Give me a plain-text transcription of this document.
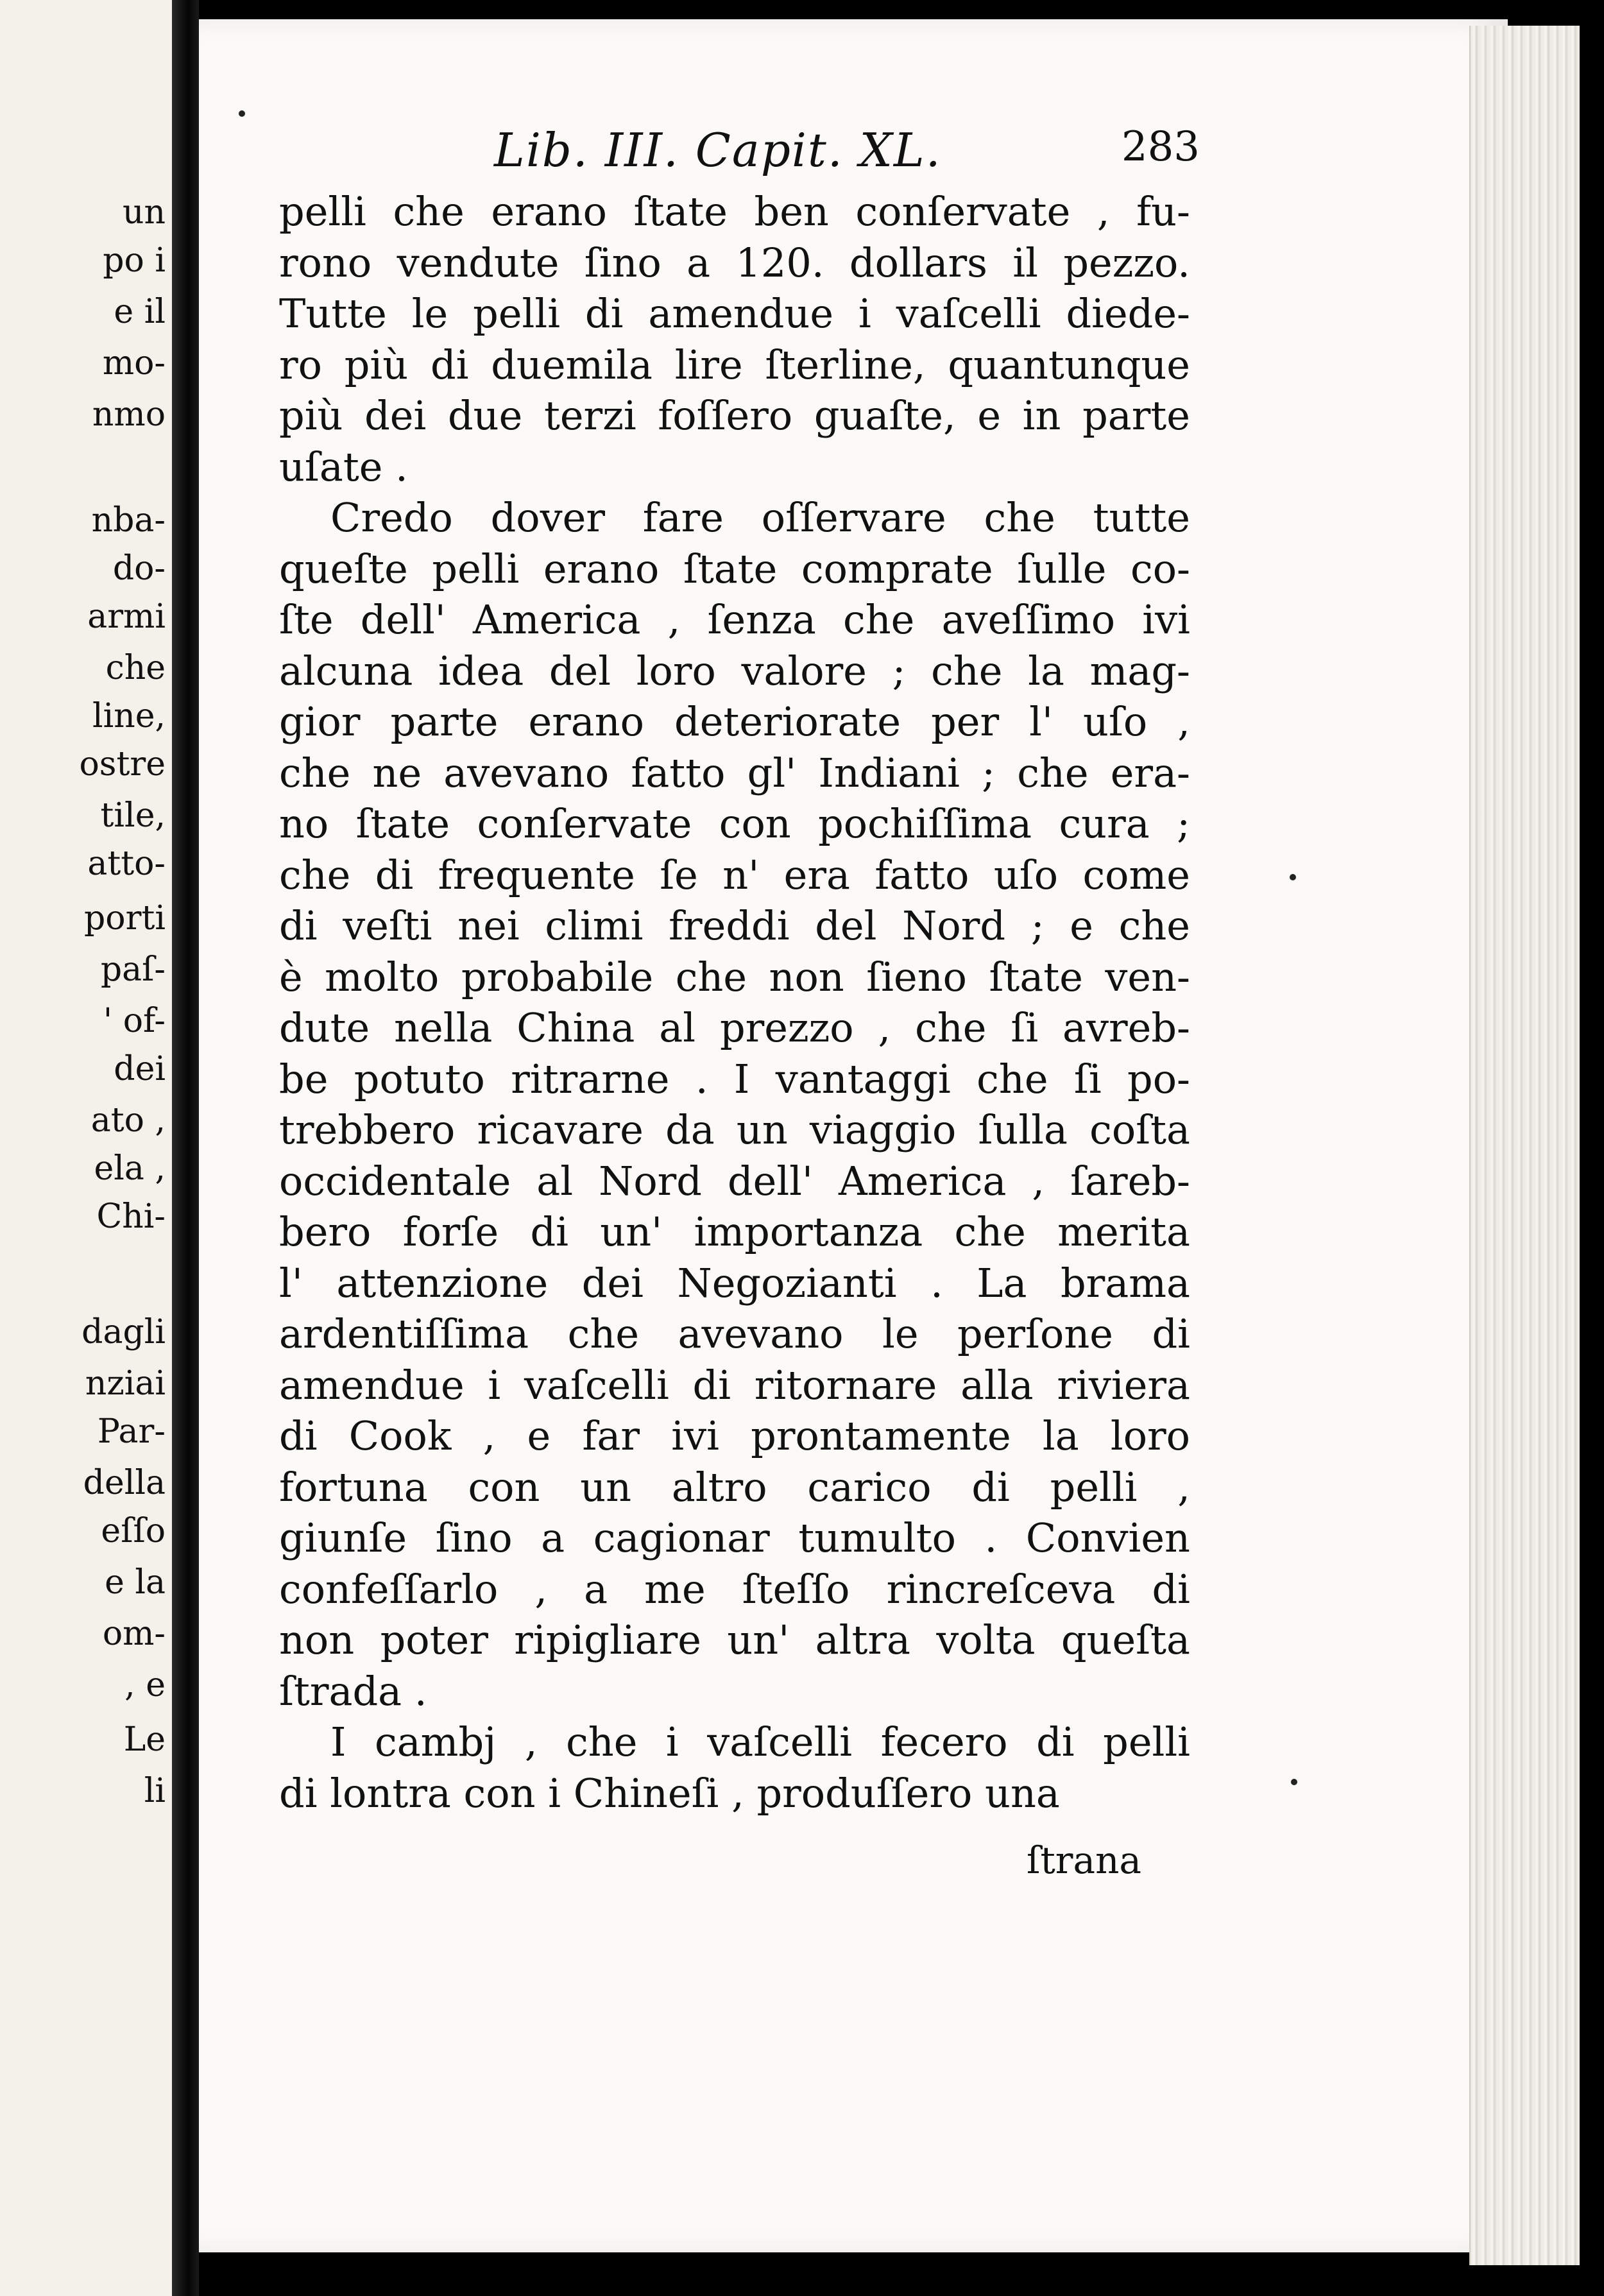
un
po i
e il
mo-
nmo
nba-
do-
armi
che
line,
ostre
tile,
atto-
porti
paſ-
' of-
dei
ato ,
ela ,
Chi-
dagli
nziai
Par-
della
eſſo
e la
om-
, e
Le
li
Lib. III. Capit. XL.	283
pelli che erano ſtate ben conſervate , fu-
rono vendute ſino a 120. dollars il pezzo.
Tutte le pelli di amendue i vaſcelli diede-
ro più di duemila lire ſterline, quantunque
più dei due terzi foſſero guaſte, e in parte
uſate .
Credo dover fare oſſervare che tutte
queſte pelli erano ſtate comprate ſulle co-
ſte dell' America , ſenza che aveſſimo ivi
alcuna idea del loro valore ; che la mag-
gior parte erano deteriorate per l' uſo ,
che ne avevano fatto gl' Indiani ; che era-
no ſtate conſervate con pochiſſima cura ;
che di frequente ſe n' era fatto uſo come
di veſti nei climi freddi del Nord ; e che
è molto probabile che non ſieno ſtate ven-
dute nella China al prezzo , che ſi avreb-
be potuto ritrarne . I vantaggi che ſi po-
trebbero ricavare da un viaggio ſulla coſta
occidentale al Nord dell' America , ſareb-
bero forſe di un' importanza che merita
l' attenzione dei Negozianti . La brama
ardentiſſima che avevano le perſone di
amendue i vaſcelli di ritornare alla riviera
di Cook , e far ivi prontamente la loro
fortuna con un altro carico di pelli ,
giunſe ſino a cagionar tumulto . Convien
confeſſarlo , a me ſteſſo rincreſceva di
non poter ripigliare un' altra volta queſta
ſtrada .
I cambj , che i vaſcelli fecero di pelli
di lontra con i Chineſi , produſſero una
ſtrana
